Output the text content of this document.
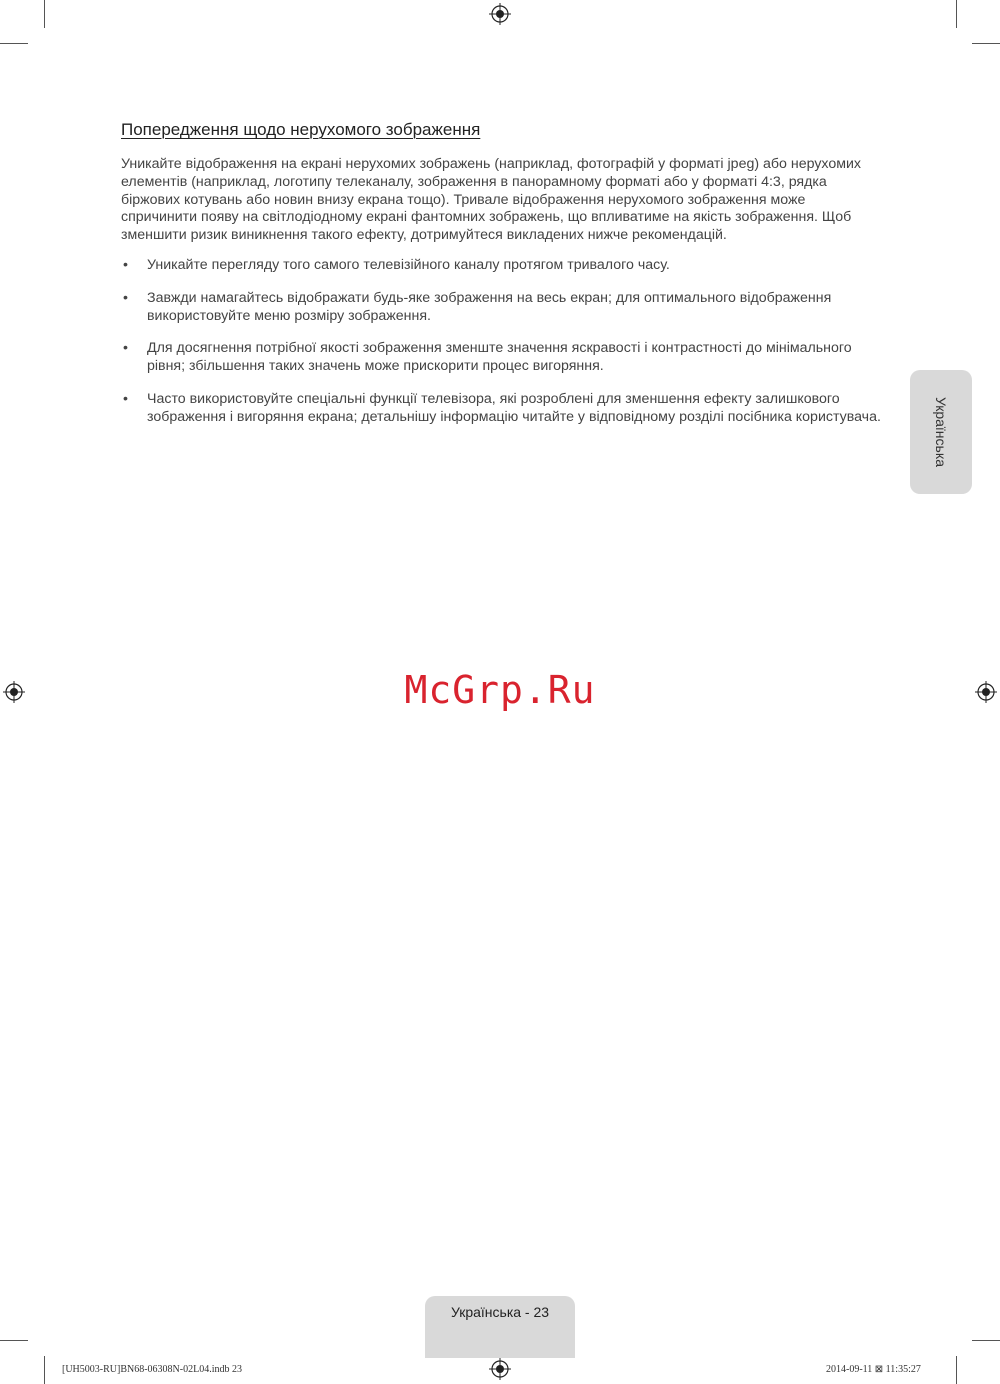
Попередження щодо нерухомого зображення

Уникайте відображення на екрані нерухомих зображень (наприклад, фотографій у форматі jpeg) або нерухомих елементів (наприклад, логотипу телеканалу, зображення в панорамному форматі або у форматі 4:3, рядка біржових котувань або новин внизу екрана тощо). Тривале відображення нерухомого зображення може спричинити появу на світлодіодному екрані фантомних зображень, що впливатиме на якість зображення. Щоб зменшити ризик виникнення такого ефекту, дотримуйтеся викладених нижче рекомендацій.

• Уникайте перегляду того самого телевізійного каналу протягом тривалого часу.
• Завжди намагайтесь відображати будь-яке зображення на весь екран; для оптимального відображення використовуйте меню розміру зображення.
• Для досягнення потрібної якості зображення зменште значення яскравості і контрастності до мінімального рівня; збільшення таких значень може прискорити процес вигоряння.
• Часто використовуйте спеціальні функції телевізора, які розроблені для зменшення ефекту залишкового зображення і вигоряння екрана; детальнішу інформацію читайте у відповідному розділі посібника користувача.	Українська
McGrp.Ru
Українська - 23
[UH5003-RU]BN68-06308N-02L04.indb 23	2014-09-11 ⊠ 11:35:27
